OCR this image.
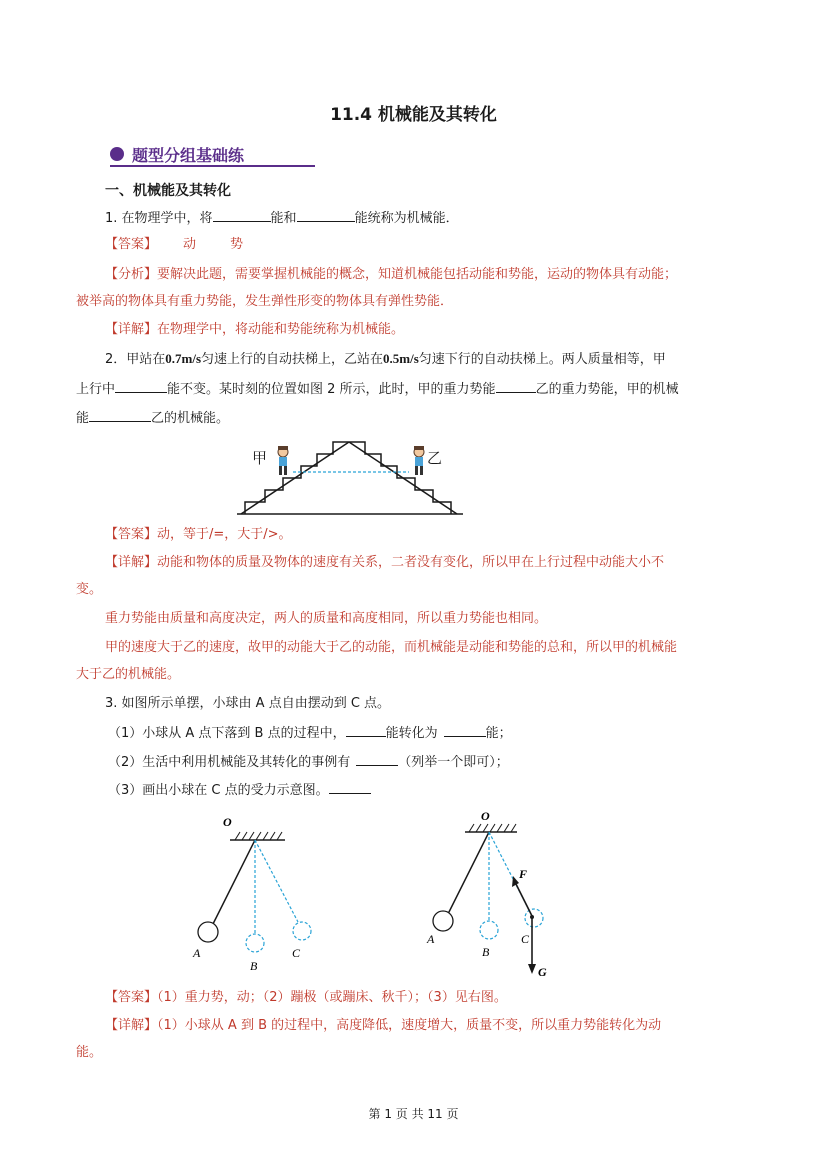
11.4 机械能及其转化
题型分组基础练
一、机械能及其转化
1. 在物理学中，将	能和	能统称为机械能．
【答案】 动	势
【分析】要解决此题，需要掌握机械能的概念，知道机械能包括动能和势能，运动的物体具有动能；
被举高的物体具有重力势能，发生弹性形变的物体具有弹性势能．
【详解】在物理学中，将动能和势能统称为机械能。
2．甲站在0.7m/s匀速上行的自动扶梯上，乙站在0.5m/s匀速下行的自动扶梯上。两人质量相等，甲
上行中	能不变。某时刻的位置如图 2 所示，此时，甲的重力势能	乙的重力势能，甲的机械
能	乙的机械能。
甲	乙
【答案】动，等于/=，大于/>。
【详解】动能和物体的质量及物体的速度有关系，二者没有变化，所以甲在上行过程中动能大小不
变。
重力势能由质量和高度决定，两人的质量和高度相同，所以重力势能也相同。
甲的速度大于乙的速度，故甲的动能大于乙的动能，而机械能是动能和势能的总和，所以甲的机械能
大于乙的机械能。
3. 如图所示单摆，小球由 A 点自由摆动到 C 点。
（1）小球从 A 点下落到 B 点的过程中，	能转化为	能；
（2）生活中利用机械能及其转化的事例有	（列举一个即可）；
（3）画出小球在 C 点的受力示意图。
O
A
B
C
O
F
G
A
B
C
【答案】（1）重力势，动；（2）蹦极（或蹦床、秋千）；（3）见右图。
【详解】（1）小球从 A 到 B 的过程中，高度降低，速度增大，质量不变，所以重力势能转化为动
能。
第 1 页 共 11 页
